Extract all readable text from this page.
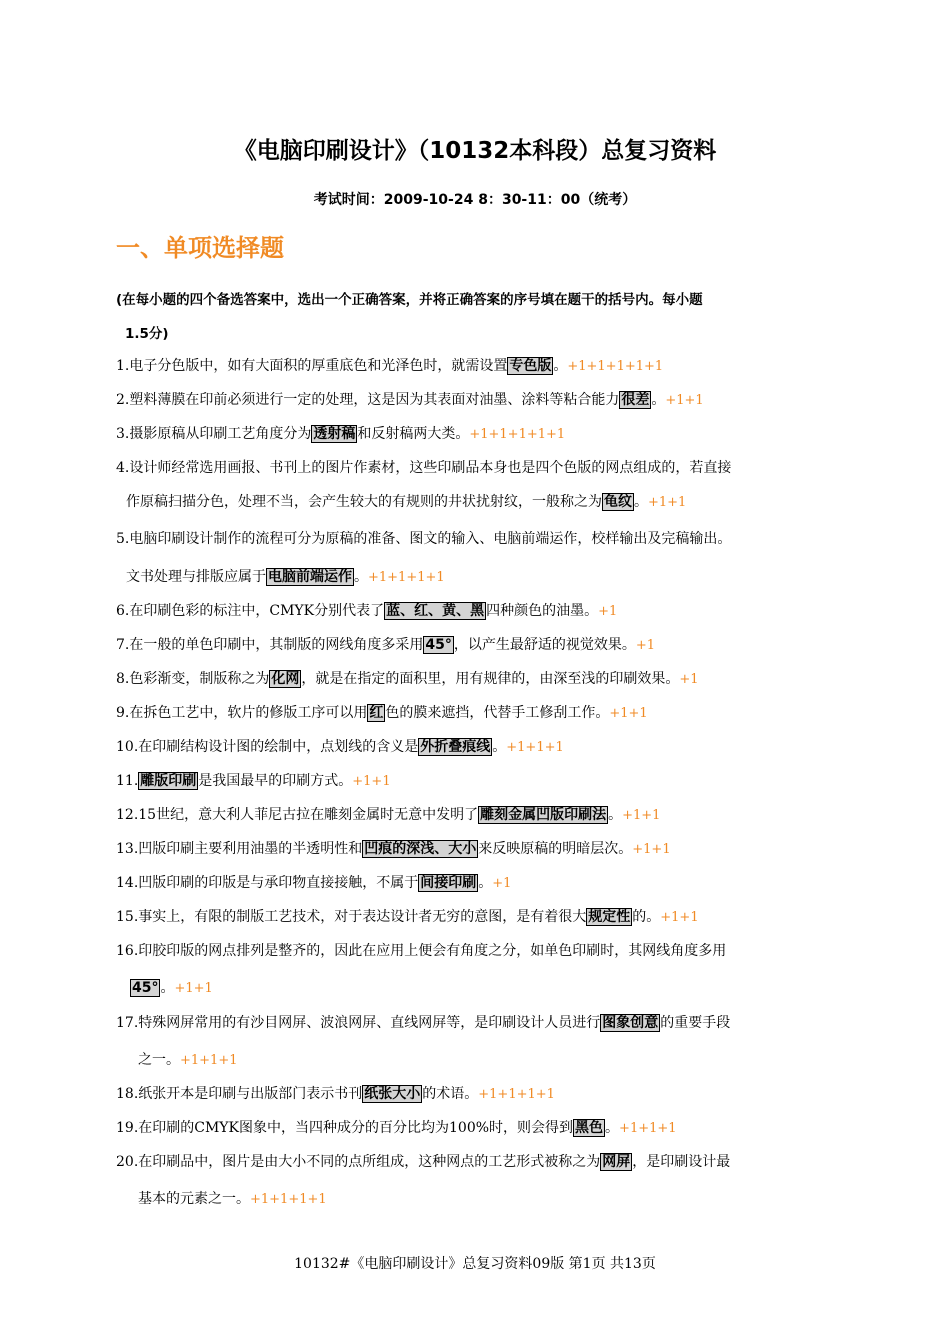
《电脑印刷设计》（10132本科段）总复习资料
考试时间：2009-10-24 8：30-11：00（统考）
一、单项选择题
(在每小题的四个备选答案中，选出一个正确答案，并将正确答案的序号填在题干的括号内。每小题
1.5分)
1.电子分色版中，如有大面积的厚重底色和光泽色时，就需设置 专色版 。+1+1+1+1+1
2.塑料薄膜在印前必须进行一定的处理，这是因为其表面对油墨、涂料等粘合能力 很差 。+1+1
3.摄影原稿从印刷工艺角度分为 透射稿 和反射稿两大类。+1+1+1+1+1
4.设计师经常选用画报、书刊上的图片作素材，这些印刷品本身也是四个色版的网点组成的，若直接
作原稿扫描分色，处理不当，会产生较大的有规则的井状扰射纹，一般称之为 龟纹 。+1+1
5.电脑印刷设计制作的流程可分为原稿的准备、图文的输入、电脑前端运作，校样输出及完稿输出。
文书处理与排版应属于 电脑前端运作 。+1+1+1+1
6.在印刷色彩的标注中，CMYK分别代表了 蓝、红、黄、黑 四种颜色的油墨。+1
7.在一般的单色印刷中，其制版的网线角度多采用 45° ，以产生最舒适的视觉效果。+1
8.色彩渐变，制版称之为 化网 ，就是在指定的面积里，用有规律的，由深至浅的印刷效果。+1
9.在拆色工艺中，软片的修版工序可以用 红 色的膜来遮挡，代替手工修刮工作。+1+1
10.在印刷结构设计图的绘制中，点划线的含义是 外折叠痕线 。+1+1+1
11. 雕版印刷 是我国最早的印刷方式。+1+1
12.15世纪，意大利人菲尼古拉在雕刻金属时无意中发明了 雕刻金属凹版印刷法 。+1+1
13.凹版印刷主要利用油墨的半透明性和 凹痕的深浅、大小 来反映原稿的明暗层次。+1+1
14.凹版印刷的印版是与承印物直接接触，不属于 间接印刷 。+1
15.事实上，有限的制版工艺技术，对于表达设计者无穷的意图，是有着很大 规定性 的。+1+1
16.印胶印版的网点排列是整齐的，因此在应用上便会有角度之分，如单色印刷时，其网线角度多用
45° 。+1+1
17.特殊网屏常用的有沙目网屏、波浪网屏、直线网屏等，是印刷设计人员进行 图象创意 的重要手段
之一。+1+1+1
18.纸张开本是印刷与出版部门表示书刊 纸张大小 的术语。+1+1+1+1
19.在印刷的CMYK图象中，当四种成分的百分比均为100%时，则会得到 黑色 。+1+1+1
20.在印刷品中，图片是由大小不同的点所组成，这种网点的工艺形式被称之为 网屏 ，是印刷设计最
基本的元素之一。+1+1+1+1
10132#《电脑印刷设计》总复习资料09版 第1页 共13页
